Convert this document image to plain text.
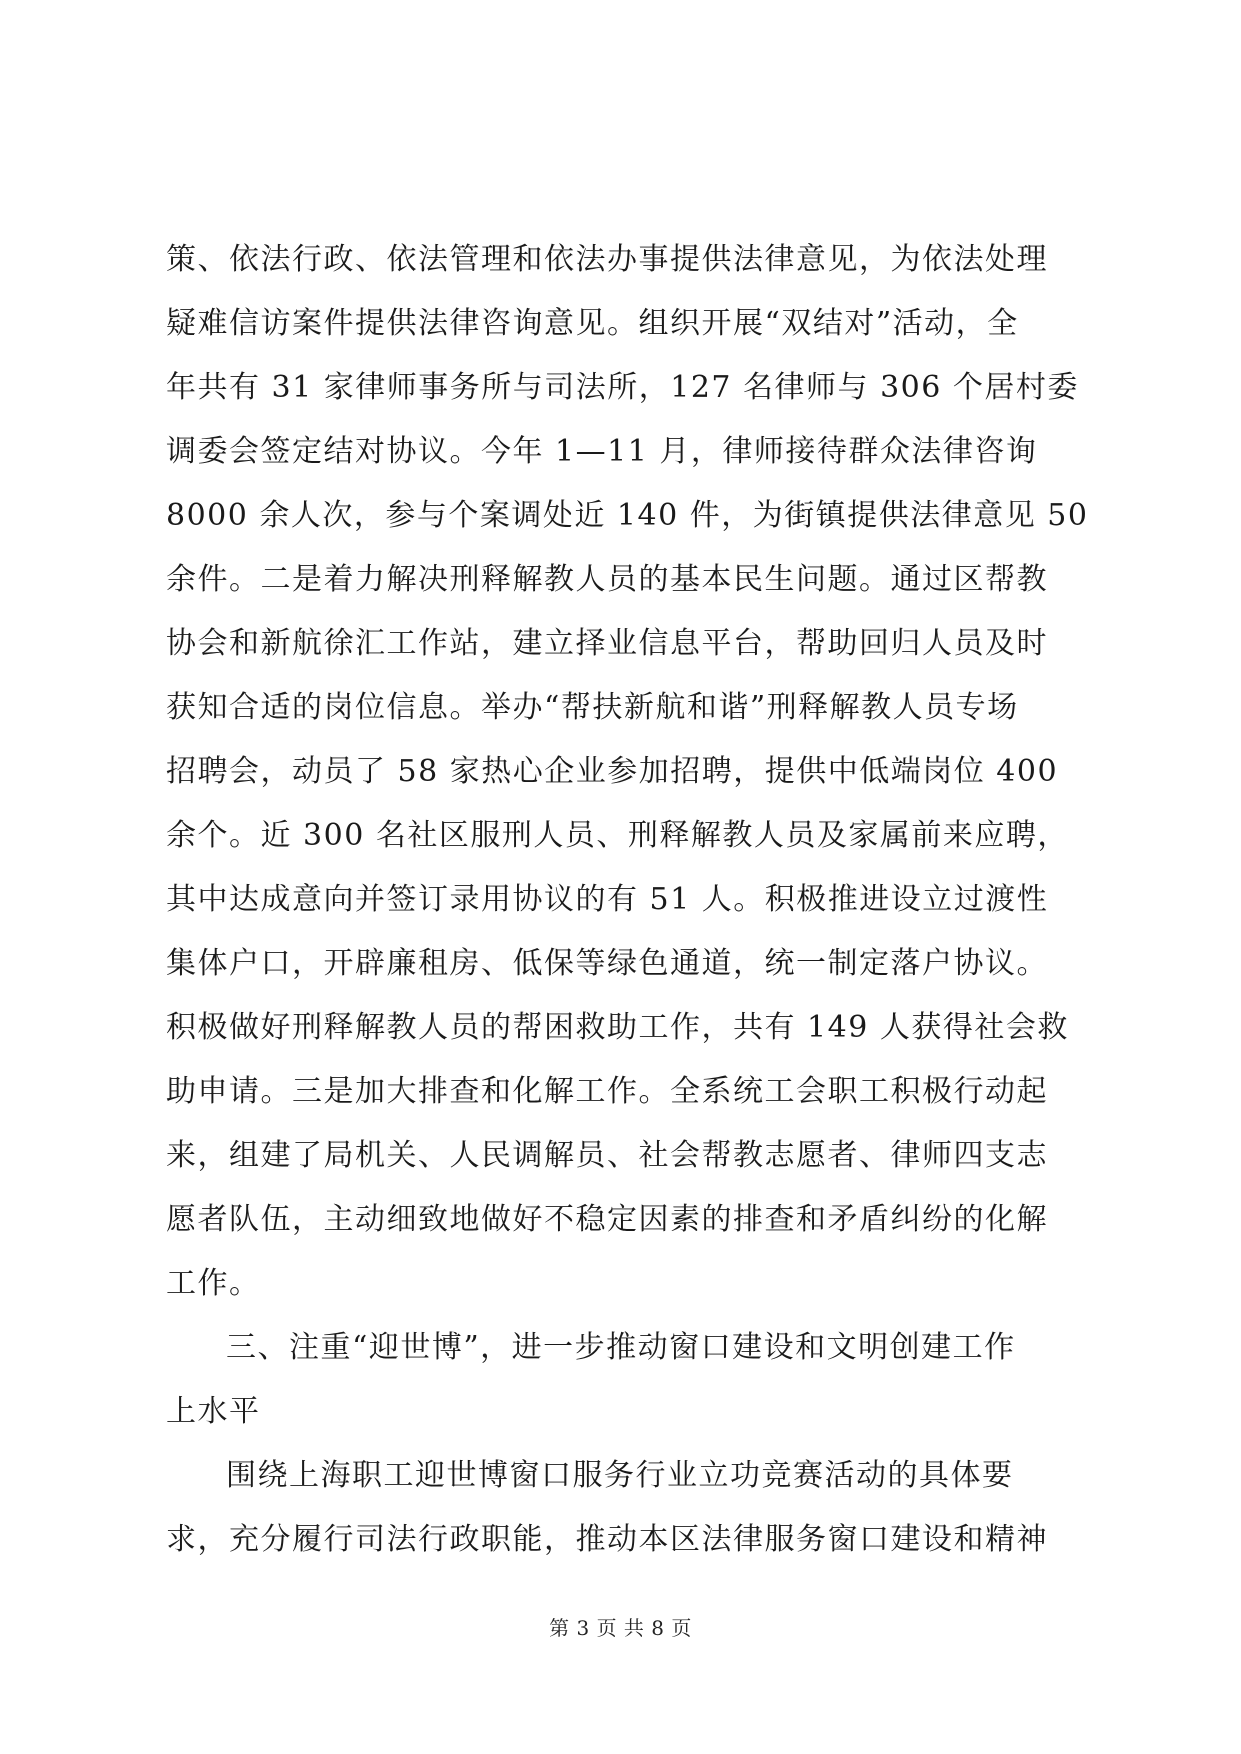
策、依法行政、依法管理和依法办事提供法律意见，为依法处理
疑难信访案件提供法律咨询意见。组织开展“双结对”活动，全
年共有 31 家律师事务所与司法所，127 名律师与 306 个居村委
调委会签定结对协议。今年 1—11 月，律师接待群众法律咨询
8000 余人次，参与个案调处近 140 件，为街镇提供法律意见 50
余件。二是着力解决刑释解教人员的基本民生问题。通过区帮教
协会和新航徐汇工作站，建立择业信息平台，帮助回归人员及时
获知合适的岗位信息。举办“帮扶新航和谐”刑释解教人员专场
招聘会，动员了 58 家热心企业参加招聘，提供中低端岗位 400
余个。近 300 名社区服刑人员、刑释解教人员及家属前来应聘，
其中达成意向并签订录用协议的有 51 人。积极推进设立过渡性
集体户口，开辟廉租房、低保等绿色通道，统一制定落户协议。
积极做好刑释解教人员的帮困救助工作，共有 149 人获得社会救
助申请。三是加大排查和化解工作。全系统工会职工积极行动起
来，组建了局机关、人民调解员、社会帮教志愿者、律师四支志
愿者队伍，主动细致地做好不稳定因素的排查和矛盾纠纷的化解
工作。
三、注重“迎世博”，进一步推动窗口建设和文明创建工作
上水平
围绕上海职工迎世博窗口服务行业立功竞赛活动的具体要
求，充分履行司法行政职能，推动本区法律服务窗口建设和精神
第 3 页 共 8 页
